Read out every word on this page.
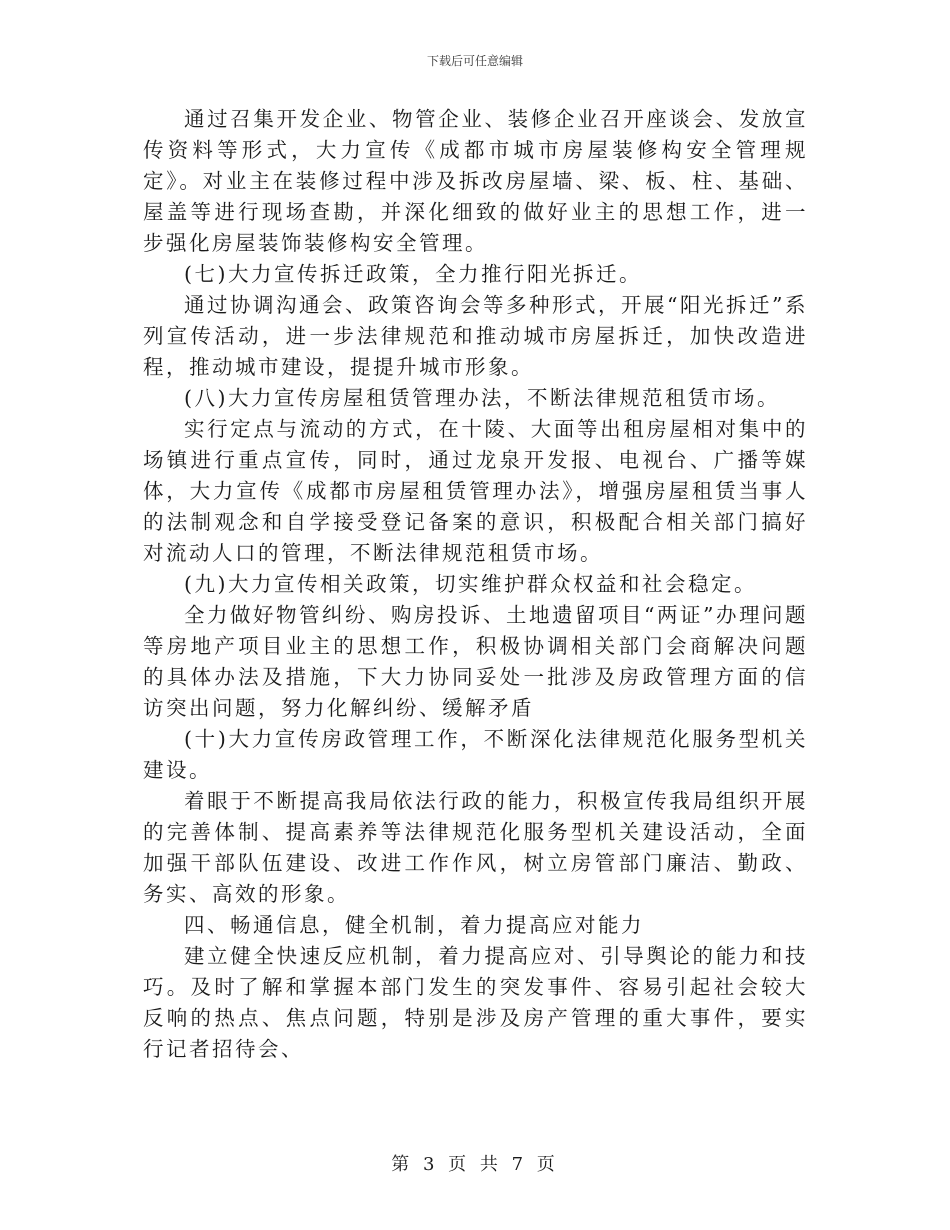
下载后可任意编辑

通过召集开发企业、物管企业、装修企业召开座谈会、发放宣传资料等形式，大力宣传《成都市城市房屋装修构安全管理规定》。对业主在装修过程中涉及拆改房屋墙、梁、板、柱、基础、屋盖等进行现场查勘，并深化细致的做好业主的思想工作，进一步强化房屋装饰装修构安全管理。

(七)大力宣传拆迁政策，全力推行阳光拆迁。

通过协调沟通会、政策咨询会等多种形式，开展“阳光拆迁”系列宣传活动，进一步法律规范和推动城市房屋拆迁，加快改造进程，推动城市建设，提提升城市形象。

(八)大力宣传房屋租赁管理办法，不断法律规范租赁市场。

实行定点与流动的方式，在十陵、大面等出租房屋相对集中的场镇进行重点宣传，同时，通过龙泉开发报、电视台、广播等媒体，大力宣传《成都市房屋租赁管理办法》，增强房屋租赁当事人的法制观念和自学接受登记备案的意识，积极配合相关部门搞好对流动人口的管理，不断法律规范租赁市场。

(九)大力宣传相关政策，切实维护群众权益和社会稳定。

全力做好物管纠纷、购房投诉、土地遗留项目“两证”办理问题等房地产项目业主的思想工作，积极协调相关部门会商解决问题的具体办法及措施，下大力协同妥处一批涉及房政管理方面的信访突出问题，努力化解纠纷、缓解矛盾

(十)大力宣传房政管理工作，不断深化法律规范化服务型机关建设。

着眼于不断提高我局依法行政的能力，积极宣传我局组织开展的完善体制、提高素养等法律规范化服务型机关建设活动，全面加强干部队伍建设、改进工作作风，树立房管部门廉洁、勤政、务实、高效的形象。

四、畅通信息，健全机制，着力提高应对能力

建立健全快速反应机制，着力提高应对、引导舆论的能力和技巧。及时了解和掌握本部门发生的突发事件、容易引起社会较大反响的热点、焦点问题，特别是涉及房产管理的重大事件，要实行记者招待会、

第 3 页 共 7 页
